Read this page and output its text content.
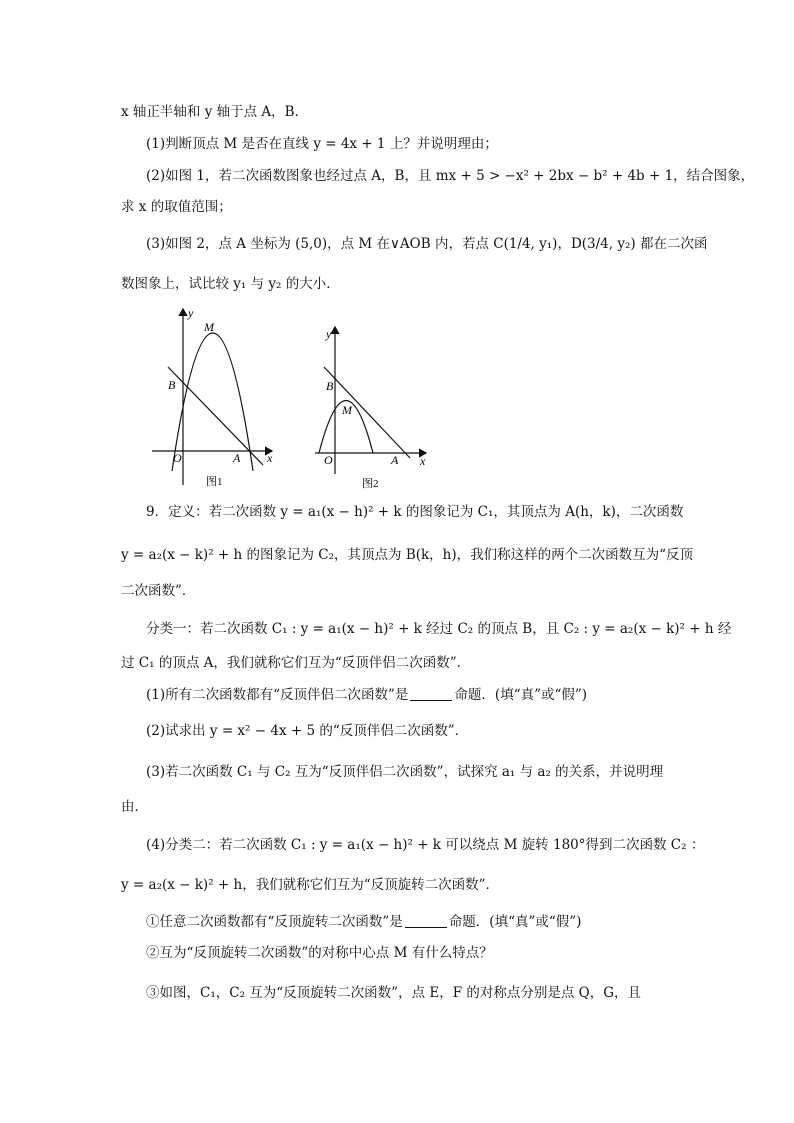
x 轴正半轴和 y 轴于点 A，B．
(1)判断顶点 M 是否在直线 y = 4x + 1 上？并说明理由；
(2)如图 1，若二次函数图象也经过点 A，B，且 mx + 5 > −x² + 2bx − b² + 4b + 1，结合图象，
求 x 的取值范围；
(3)如图 2，点 A 坐标为 (5,0)，点 M 在∨AOB 内，若点 C(1/4, y₁)，D(3/4, y₂) 都在二次函
数图象上，试比较 y₁ 与 y₂ 的大小．
y
M
B
O	A x
图1
y
B
M
O	A x
图2
9．定义：若二次函数 y = a₁(x − h)² + k 的图象记为 C₁，其顶点为 A(h，k)，二次函数
y = a₂(x − k)² + h 的图象记为 C₂，其顶点为 B(k，h)，我们称这样的两个二次函数互为“反顶
二次函数”．
分类一：若二次函数 C₁ : y = a₁(x − h)² + k 经过 C₂ 的顶点 B，且 C₂ : y = a₂(x − k)² + h 经
过 C₁ 的顶点 A，我们就称它们互为“反顶伴侣二次函数”．
(1)所有二次函数都有“反顶伴侣二次函数”是	命题．(填“真”或“假”)
(2)试求出 y = x² − 4x + 5 的“反顶伴侣二次函数”．
(3)若二次函数 C₁ 与 C₂ 互为“反顶伴侣二次函数”，试探究 a₁ 与 a₂ 的关系，并说明理
由．
(4)分类二：若二次函数 C₁ : y = a₁(x − h)² + k 可以绕点 M 旋转 180°得到二次函数 C₂ ：
y = a₂(x − k)² + h，我们就称它们互为“反顶旋转二次函数”．
①任意二次函数都有“反顶旋转二次函数”是	命题．(填“真”或“假”)
②互为“反顶旋转二次函数”的对称中心点 M 有什么特点？
③如图，C₁，C₂ 互为“反顶旋转二次函数”，点 E，F 的对称点分别是点 Q，G，且
